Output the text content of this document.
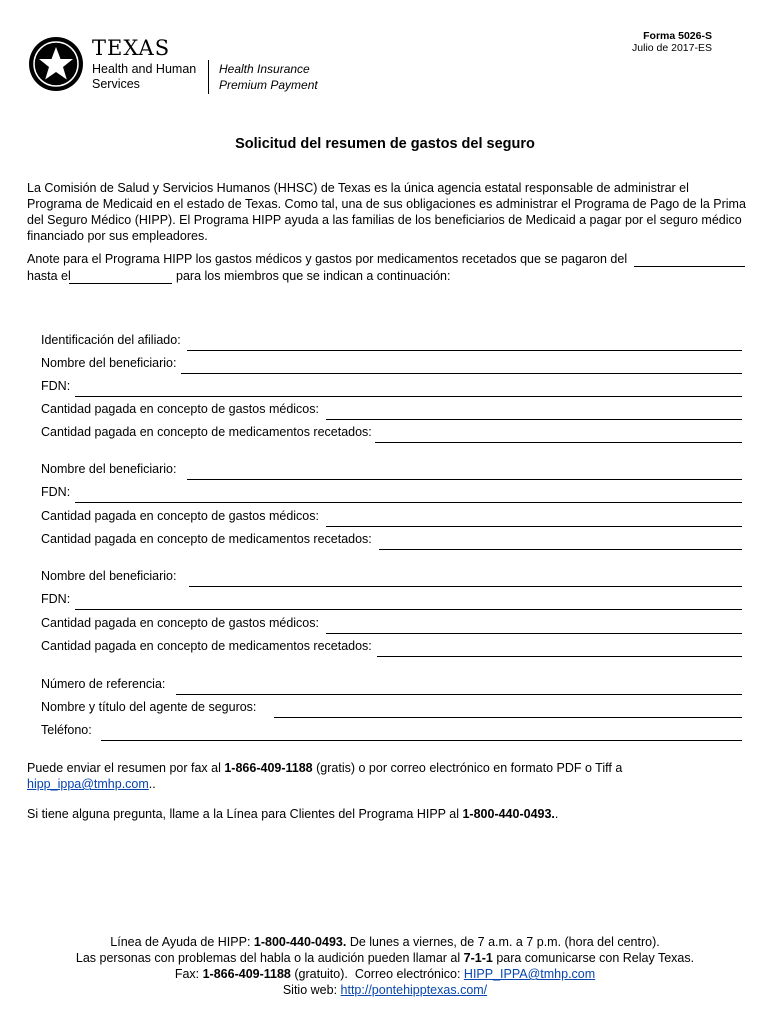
TEXAS
Health and Human
Services
Health Insurance
Premium Payment
Forma 5026-S
Julio de 2017-ES
Solicitud del resumen de gastos del seguro
La Comisión de Salud y Servicios Humanos (HHSC) de Texas es la única agencia estatal responsable de administrar el Programa de Medicaid en el estado de Texas. Como tal, una de sus obligaciones es administrar el Programa de Pago de la Prima del Seguro Médico (HIPP). El Programa HIPP ayuda a las familias de los beneficiarios de Medicaid a pagar por el seguro médico financiado por sus empleadores.
Anote para el Programa HIPP los gastos médicos y gastos por medicamentos recetados que se pagaron del
hasta el	para los miembros que se indican a continuación:
Identificación del afiliado:
Nombre del beneficiario:
FDN:
Cantidad pagada en concepto de gastos médicos:
Cantidad pagada en concepto de medicamentos recetados:
Nombre del beneficiario:
FDN:
Cantidad pagada en concepto de gastos médicos:
Cantidad pagada en concepto de medicamentos recetados:
Nombre del beneficiario:
FDN:
Cantidad pagada en concepto de gastos médicos:
Cantidad pagada en concepto de medicamentos recetados:
Número de referencia:
Nombre y título del agente de seguros:
Teléfono:
Puede enviar el resumen por fax al 1-866-409-1188 (gratis) o por correo electrónico en formato PDF o Tiff a
hipp_ippa@tmhp.com..
Si tiene alguna pregunta, llame a la Línea para Clientes del Programa HIPP al 1-800-440-0493..
Línea de Ayuda de HIPP: 1-800-440-0493. De lunes a viernes, de 7 a.m. a 7 p.m. (hora del centro).
Las personas con problemas del habla o la audición pueden llamar al 7-1-1 para comunicarse con Relay Texas.
Fax: 1-866-409-1188 (gratuito). Correo electrónico: HIPP_IPPA@tmhp.com
Sitio web: http://pontehipptexas.com/
